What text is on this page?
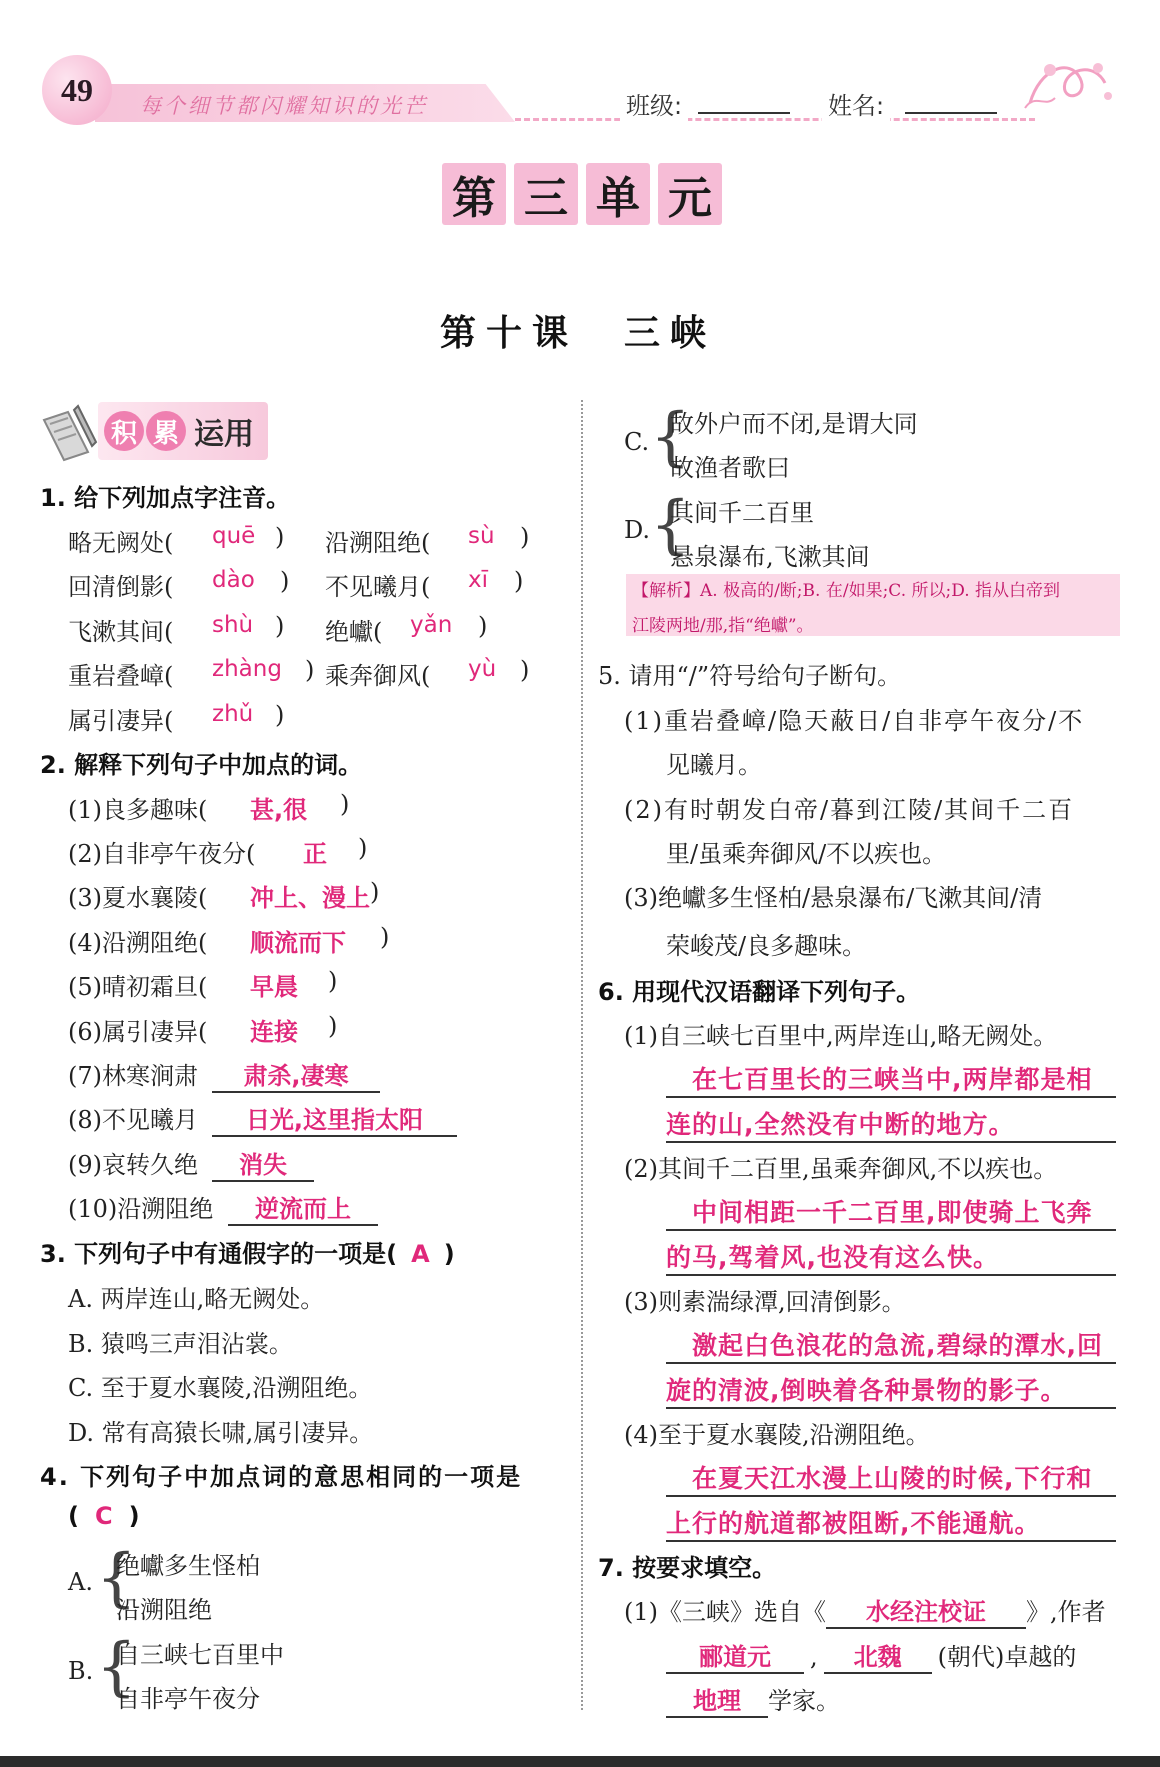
每个细节都闪耀知识的光芒
49	班级:	姓名:
第 三 单 元
第十课　三峡
积 累 运用
1. 给下列加点字注音。
略无阙处( quē ) 沿溯阻绝( sù )
回清倒影( dào ) 不见曦月( xī )
飞漱其间( shù ) 绝巘( yǎn )
重岩叠嶂( zhàng ) 乘奔御风( yù )
属引凄异( zhǔ )
2. 解释下列句子中加点的词。
(1)良多趣味( 甚,很 )
(2)自非亭午夜分( 正 )
(3)夏水襄陵( 冲上、漫上 )
(4)沿溯阻绝( 顺流而下 )
(5)晴初霜旦( 早晨 )
(6)属引凄异( 连接 )
(7)林寒涧肃	肃杀,凄寒
(8)不见曦月	日光,这里指太阳
(9)哀转久绝	消失
(10)沿溯阻绝	逆流而上
3. 下列句子中有通假字的一项是( A )
A. 两岸连山,略无阙处。
B. 猿鸣三声泪沾裳。
C. 至于夏水襄陵,沿溯阻绝。
D. 常有高猿长啸,属引凄异。
4. 下列句子中加点词的意思相同的一项是
( C )
A. {
绝巘多生怪柏
沿溯阻绝
B. {
自三峡七百里中
自非亭午夜分
C. {
故外户而不闭,是谓大同
故渔者歌曰
D. {
其间千二百里
悬泉瀑布,飞漱其间
【解析】A. 极高的/断;B. 在/如果;C. 所以;D. 指从白帝到
江陵两地/那,指“绝巘”。
5. 请用“/”符号给句子断句。
(1)重岩叠嶂/隐天蔽日/自非亭午夜分/不
见曦月。
(2)有时朝发白帝/暮到江陵/其间千二百
里/虽乘奔御风/不以疾也。
(3)绝巘多生怪柏/悬泉瀑布/飞漱其间/清
荣峻茂/良多趣味。
6. 用现代汉语翻译下列句子。
(1)自三峡七百里中,两岸连山,略无阙处。
在七百里长的三峡当中,两岸都是相
连的山,全然没有中断的地方。
(2)其间千二百里,虽乘奔御风,不以疾也。
中间相距一千二百里,即使骑上飞奔
的马,驾着风,也没有这么快。
(3)则素湍绿潭,回清倒影。
激起白色浪花的急流,碧绿的潭水,回
旋的清波,倒映着各种景物的影子。
(4)至于夏水襄陵,沿溯阻绝。
在夏天江水漫上山陵的时候,下行和
上行的航道都被阻断,不能通航。
7. 按要求填空。
(1)《三峡》选自《 水经注校证 》,作者
郦道元 , 北魏 (朝代)卓越的
地理 学家。
